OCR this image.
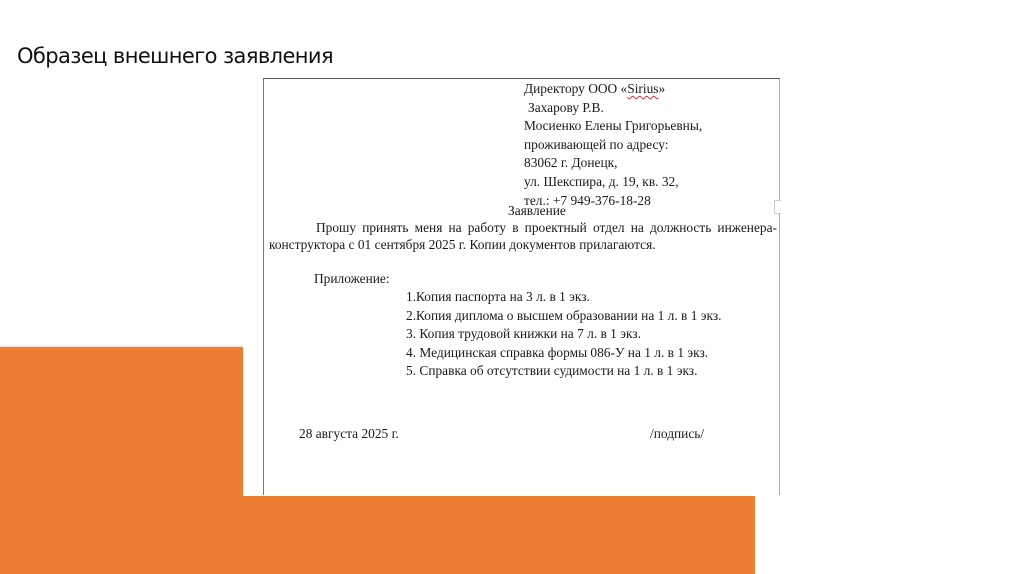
Образец внешнего заявления
Директору ООО «Sirius»
Захарову Р.В.
Мосиенко Елены Григорьевны,
проживающей по адресу:
83062 г. Донецк,
ул. Шекспира, д. 19, кв. 32,
тел.: +7 949-376-18-28
Заявление
Прошу принять меня на работу в проектный отдел на должность инженера-конструктора с 01 сентября 2025 г. Копии документов прилагаются.
Приложение:
1.Копия паспорта на 3 л. в 1 экз.
2.Копия диплома о высшем образовании на 1 л. в 1 экз.
3. Копия трудовой книжки на 7 л. в 1 экз.
4. Медицинская справка формы 086-У на 1 л. в 1 экз.
5. Справка об отсутствии судимости на 1 л. в 1 экз.
28 августа 2025 г.	/подпись/
